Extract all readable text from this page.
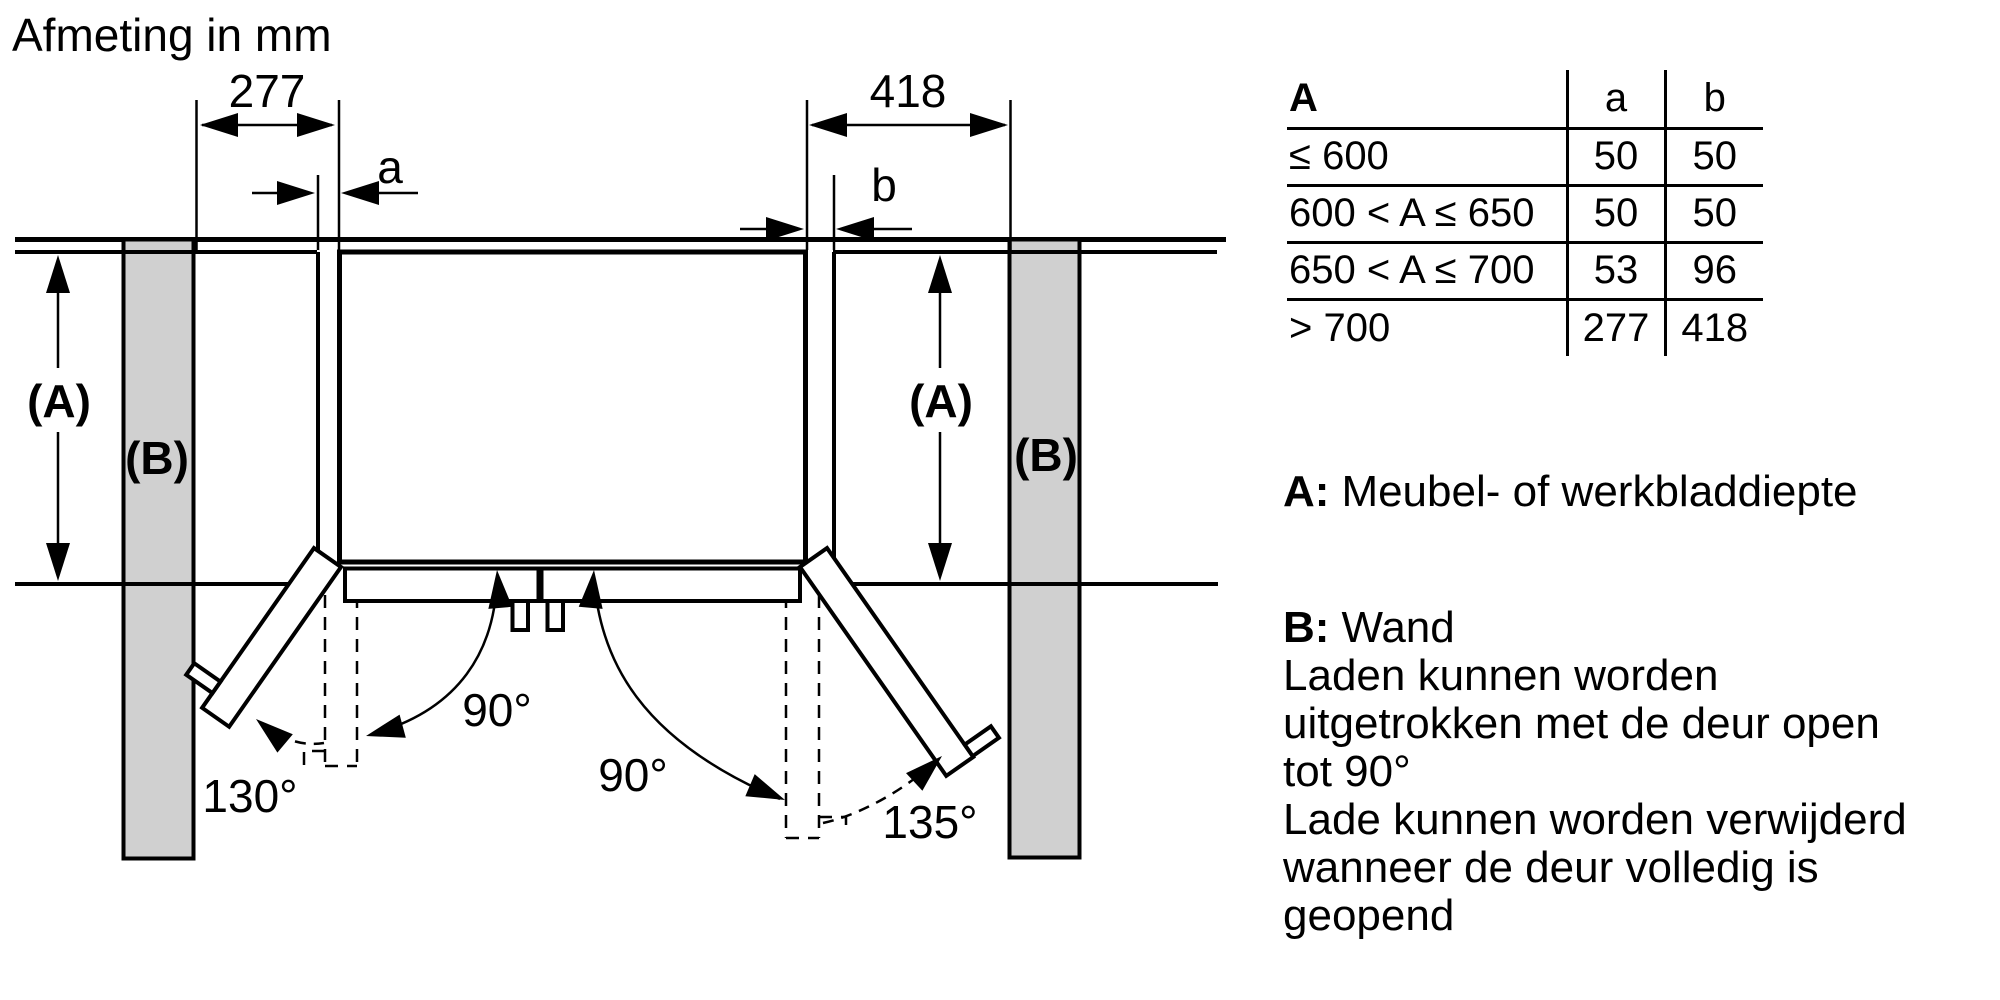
277	418
a	b
(A)	(A)
(B)	(B)
90°
90°
130°	135°
Afmeting in mm
A	a	b
≤ 600	50	50
600 < A ≤ 650	50	50
650 < A ≤ 700	53	96
> 700	277	418
A: Meubel- of werkbladdiepte
B: Wand
Laden kunnen worden
uitgetrokken met de deur open
tot 90°
Lade kunnen worden verwijderd
wanneer de deur volledig is
geopend
